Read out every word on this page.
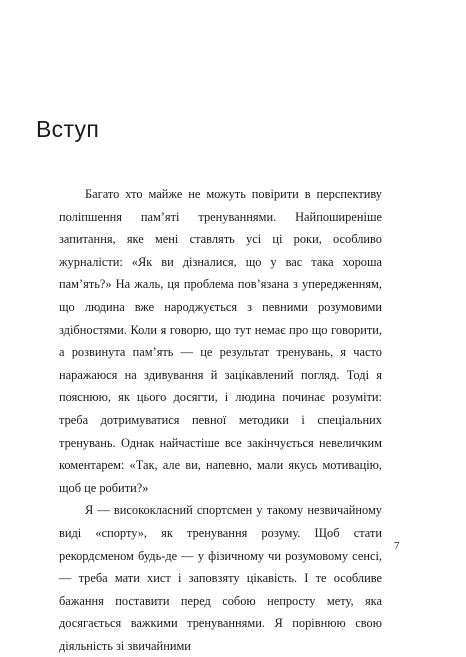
Вступ

Багато хто майже не можуть повірити в перспективу поліпшення пам’яті тренуваннями. Найпоширеніше запитання, яке мені ставлять усі ці роки, особливо журналісти: «Як ви дізналися, що у вас така хороша пам’ять?» На жаль, ця проблема пов’язана з упередженням, що людина вже народжується з певними розумовими здібностями. Коли я говорю, що тут немає про що говорити, а розвинута пам’ять — це результат тренувань, я часто наражаюся на здивування й зацікавлений погляд. Тоді я пояснюю, як цього досягти, і людина починає розуміти: треба дотримуватися певної методики і спеціальних тренувань. Однак найчастіше все закінчується невеличким коментарем: «Так, але ви, напевно, мали якусь мотивацію, щоб це робити?»

Я — висококласний спортсмен у такому незвичайному виді «спорту», як тренування розуму. Щоб стати рекордсменом будь-де — у фізичному чи розумовому сенсі, — треба мати хист і заповзяту цікавість. І те особливе бажання поставити перед собою непросту мету, яка досягається важкими тренуваннями. Я порівнюю свою діяльність зі звичайними

7
